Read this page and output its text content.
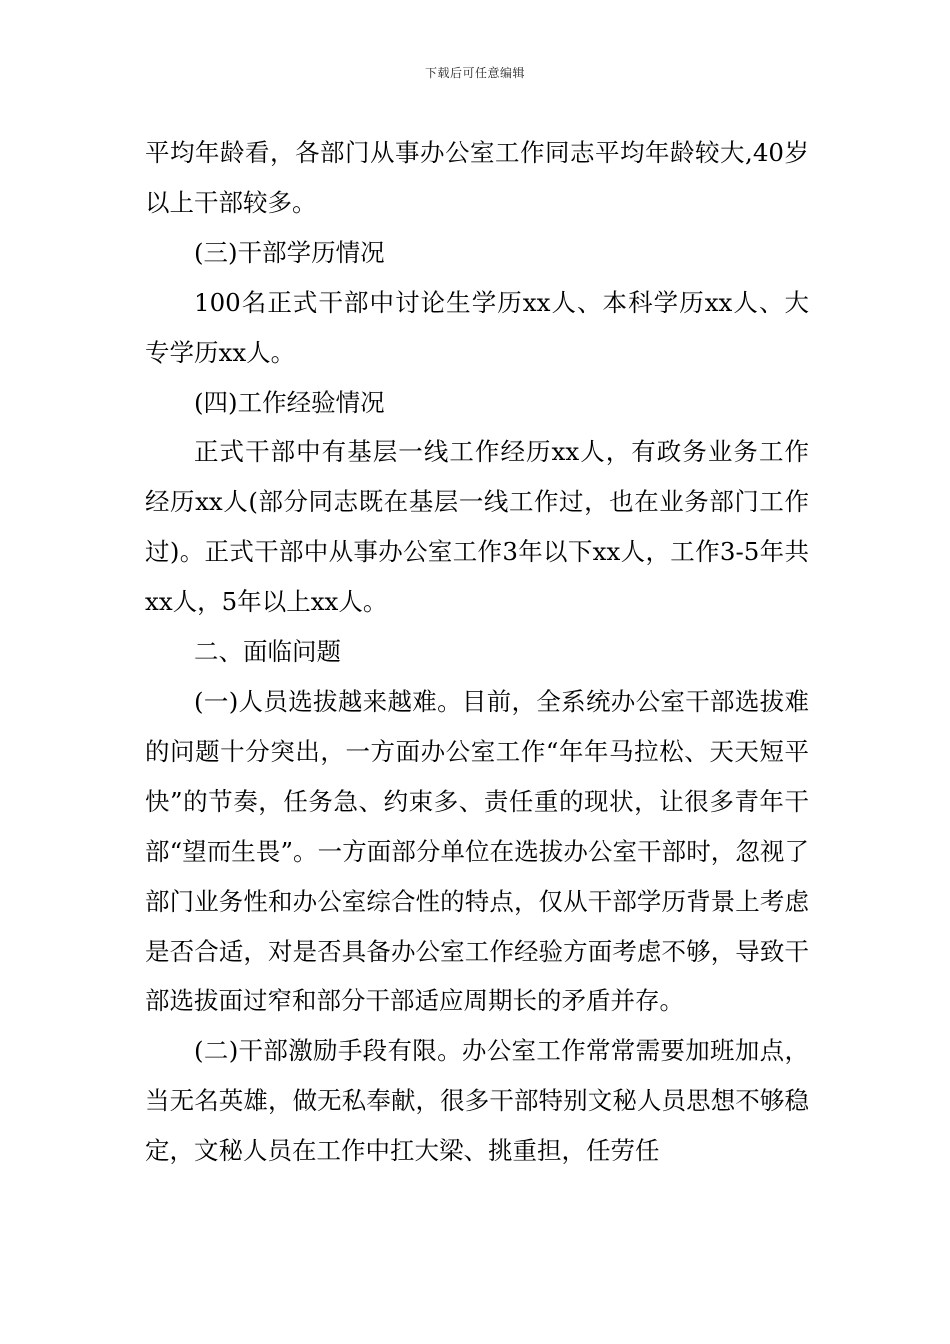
下载后可任意编辑

平均年龄看，各部门从事办公室工作同志平均年龄较大,40岁以上干部较多。

(三)干部学历情况

100名正式干部中讨论生学历xx人、本科学历xx人、大专学历xx人。

(四)工作经验情况

正式干部中有基层一线工作经历xx人，有政务业务工作经历xx人(部分同志既在基层一线工作过，也在业务部门工作过)。正式干部中从事办公室工作3年以下xx人，工作3-5年共xx人，5年以上xx人。

二、面临问题

(一)人员选拔越来越难。目前，全系统办公室干部选拔难的问题十分突出，一方面办公室工作“年年马拉松、天天短平快”的节奏，任务急、约束多、责任重的现状，让很多青年干部“望而生畏”。一方面部分单位在选拔办公室干部时，忽视了部门业务性和办公室综合性的特点，仅从干部学历背景上考虑是否合适，对是否具备办公室工作经验方面考虑不够，导致干部选拔面过窄和部分干部适应周期长的矛盾并存。

(二)干部激励手段有限。办公室工作常常需要加班加点，当无名英雄，做无私奉献，很多干部特别文秘人员思想不够稳定，文秘人员在工作中扛大梁、挑重担，任劳任
